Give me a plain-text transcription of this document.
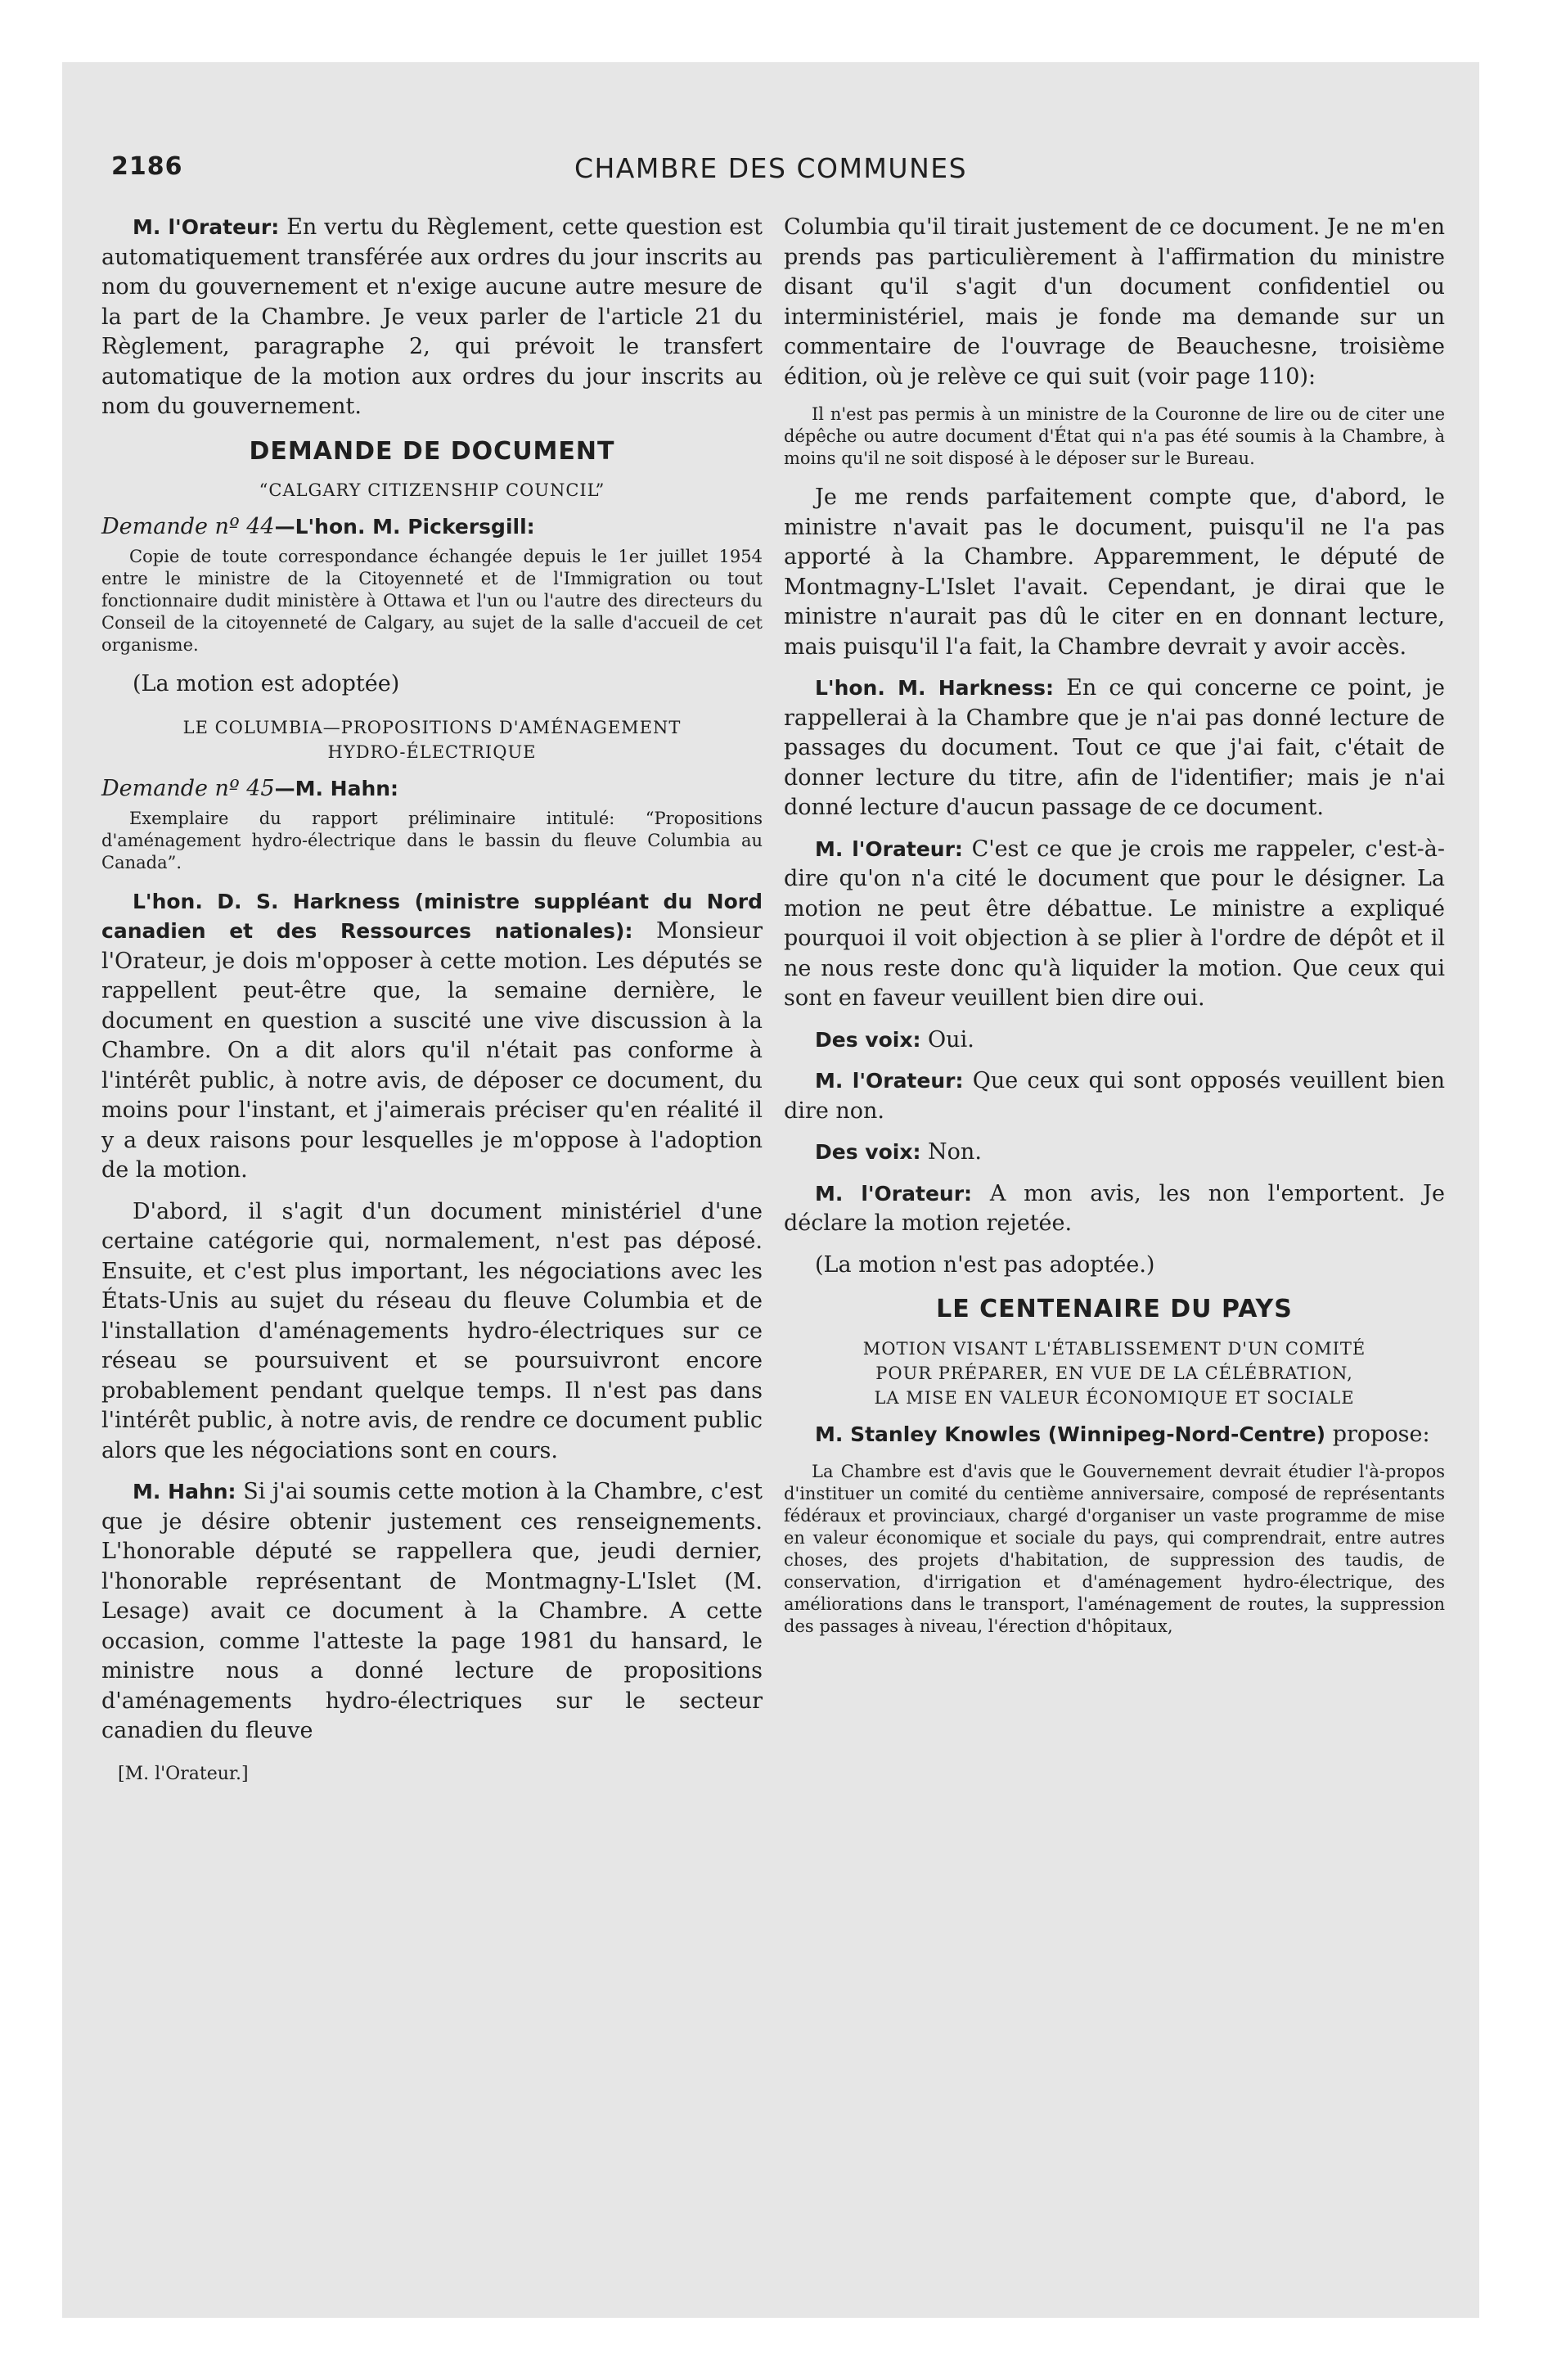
2186	CHAMBRE DES COMMUNES

M. l'Orateur: En vertu du Règlement, cette question est automatiquement transférée aux ordres du jour inscrits au nom du gouvernement et n'exige aucune autre mesure de la part de la Chambre. Je veux parler de l'article 21 du Règlement, paragraphe 2, qui prévoit le transfert automatique de la motion aux ordres du jour inscrits au nom du gouvernement.

DEMANDE DE DOCUMENT
“CALGARY CITIZENSHIP COUNCIL”

Demande nº 44—L'hon. M. Pickersgill:

Copie de toute correspondance échangée depuis le 1er juillet 1954 entre le ministre de la Citoyenneté et de l'Immigration ou tout fonctionnaire dudit ministère à Ottawa et l'un ou l'autre des directeurs du Conseil de la citoyenneté de Calgary, au sujet de la salle d'accueil de cet organisme.

(La motion est adoptée)

LE COLUMBIA—PROPOSITIONS D'AMÉNAGEMENT
HYDRO-ÉLECTRIQUE

Demande nº 45—M. Hahn:

Exemplaire du rapport préliminaire intitulé: “Propositions d'aménagement hydro-électrique dans le bassin du fleuve Columbia au Canada”.

L'hon. D. S. Harkness (ministre suppléant du Nord canadien et des Ressources nationales): Monsieur l'Orateur, je dois m'opposer à cette motion. Les députés se rappellent peut-être que, la semaine dernière, le document en question a suscité une vive discussion à la Chambre. On a dit alors qu'il n'était pas conforme à l'intérêt public, à notre avis, de déposer ce document, du moins pour l'instant, et j'aimerais préciser qu'en réalité il y a deux raisons pour lesquelles je m'oppose à l'adoption de la motion.

D'abord, il s'agit d'un document ministériel d'une certaine catégorie qui, normalement, n'est pas déposé. Ensuite, et c'est plus important, les négociations avec les États-Unis au sujet du réseau du fleuve Columbia et de l'installation d'aménagements hydro-électriques sur ce réseau se poursuivent et se poursuivront encore probablement pendant quelque temps. Il n'est pas dans l'intérêt public, à notre avis, de rendre ce document public alors que les négociations sont en cours.

M. Hahn: Si j'ai soumis cette motion à la Chambre, c'est que je désire obtenir justement ces renseignements. L'honorable député se rappellera que, jeudi dernier, l'honorable représentant de Montmagny-L'Islet (M. Lesage) avait ce document à la Chambre. A cette occasion, comme l'atteste la page 1981 du hansard, le ministre nous a donné lecture de propositions d'aménagements hydro-électriques sur le secteur canadien du fleuve

[M. l'Orateur.]

Columbia qu'il tirait justement de ce document. Je ne m'en prends pas particulièrement à l'affirmation du ministre disant qu'il s'agit d'un document confidentiel ou interministériel, mais je fonde ma demande sur un commentaire de l'ouvrage de Beauchesne, troisième édition, où je relève ce qui suit (voir page 110):

Il n'est pas permis à un ministre de la Couronne de lire ou de citer une dépêche ou autre document d'État qui n'a pas été soumis à la Chambre, à moins qu'il ne soit disposé à le déposer sur le Bureau.

Je me rends parfaitement compte que, d'abord, le ministre n'avait pas le document, puisqu'il ne l'a pas apporté à la Chambre. Apparemment, le député de Montmagny-L'Islet l'avait. Cependant, je dirai que le ministre n'aurait pas dû le citer en en donnant lecture, mais puisqu'il l'a fait, la Chambre devrait y avoir accès.

L'hon. M. Harkness: En ce qui concerne ce point, je rappellerai à la Chambre que je n'ai pas donné lecture de passages du document. Tout ce que j'ai fait, c'était de donner lecture du titre, afin de l'identifier; mais je n'ai donné lecture d'aucun passage de ce document.

M. l'Orateur: C'est ce que je crois me rappeler, c'est-à-dire qu'on n'a cité le document que pour le désigner. La motion ne peut être débattue. Le ministre a expliqué pourquoi il voit objection à se plier à l'ordre de dépôt et il ne nous reste donc qu'à liquider la motion. Que ceux qui sont en faveur veuillent bien dire oui.

Des voix: Oui.

M. l'Orateur: Que ceux qui sont opposés veuillent bien dire non.

Des voix: Non.

M. l'Orateur: A mon avis, les non l'emportent. Je déclare la motion rejetée.

(La motion n'est pas adoptée.)

LE CENTENAIRE DU PAYS
MOTION VISANT L'ÉTABLISSEMENT D'UN COMITÉ
POUR PRÉPARER, EN VUE DE LA CÉLÉBRATION,
LA MISE EN VALEUR ÉCONOMIQUE ET SOCIALE

M. Stanley Knowles (Winnipeg-Nord-Centre) propose:

La Chambre est d'avis que le Gouvernement devrait étudier l'à-propos d'instituer un comité du centième anniversaire, composé de représentants fédéraux et provinciaux, chargé d'organiser un vaste programme de mise en valeur économique et sociale du pays, qui comprendrait, entre autres choses, des projets d'habitation, de suppression des taudis, de conservation, d'irrigation et d'aménagement hydro-électrique, des améliorations dans le transport, l'aménagement de routes, la suppression des passages à niveau, l'érection d'hôpitaux,
